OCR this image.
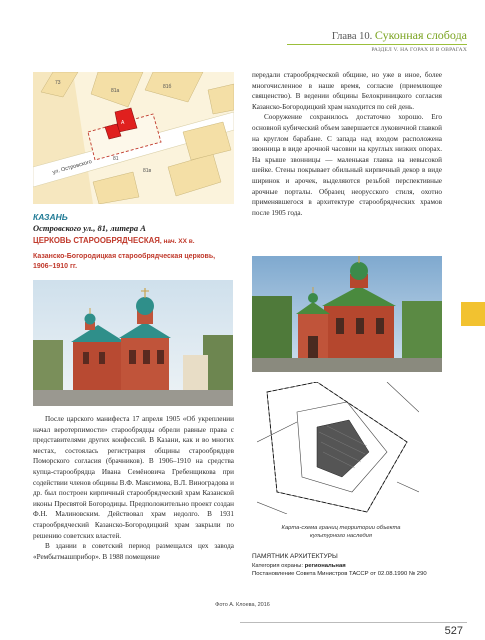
Глава 10. Суконная слобода
РАЗДЕЛ V. НА ГОРАХ И В ОВРАГАХ
73
81
81а
81б
81в
А
ул. Островского
КАЗАНЬ
Островского ул., 81, литера А
ЦЕРКОВЬ СТАРООБРЯДЧЕСКАЯ, нач. XX в.
Казанско-Богородицкая старообрядческая церковь, 1906–1910 гг.

После царского манифеста 17 апреля 1905 «Об укреплении начал веротерпимости» старообрядцы обрели равные права с представителями других конфессий. В Казани, как и во многих местах, состоялась регистрация общины старообрядцев Поморского согласия (брачников). В 1906–1910 на средства купца-старообрядца Ивана Семёновича Гребенщикова при содействии членов общины В.Ф. Максимова, В.Л. Виноградова и др. был построен кирпичный старообрядческий храм Казанской иконы Пресвятой Богородицы. Предположительно проект создан Ф.Н. Малиновским. Действовал храм недолго. В 1931 старообрядческий Казанско-Богородицкий храм закрыли по решению советских властей.

В здании в советский период размещался цех завода «Рембытмашприбор». В 1988 помещение

передали старообрядческой общине, но уже в иное, более многочисленное в наше время, согласие (приемлющее священство). В ведении общины Белокриницкого согласия Казанско-Богородицкий храм находится по сей день.

Сооружение сохранилось достаточно хорошо. Его основной кубический объем завершается луковичной главкой на круглом барабане. С запада над входом расположена звонница в виде арочной часовни на круглых низких опорах. На крыше звонницы — маленькая главка на невысокой шейке. Стены покрывает обильный кирпичный декор в виде ширинок и арочек, выделяются резьбой перспективные арочные порталы. Образец неорусского стиля, охотно применявшегося в архитектуре старообрядческих храмов после 1905 года.

Карта-схема границ территории объекта культурного наследия
ПАМЯТНИК АРХИТЕКТУРЫ
Категория охраны: региональная
Постановление Совета Министров ТАССР от 02.08.1990 № 290
Фото А. Клоева, 2016
527
